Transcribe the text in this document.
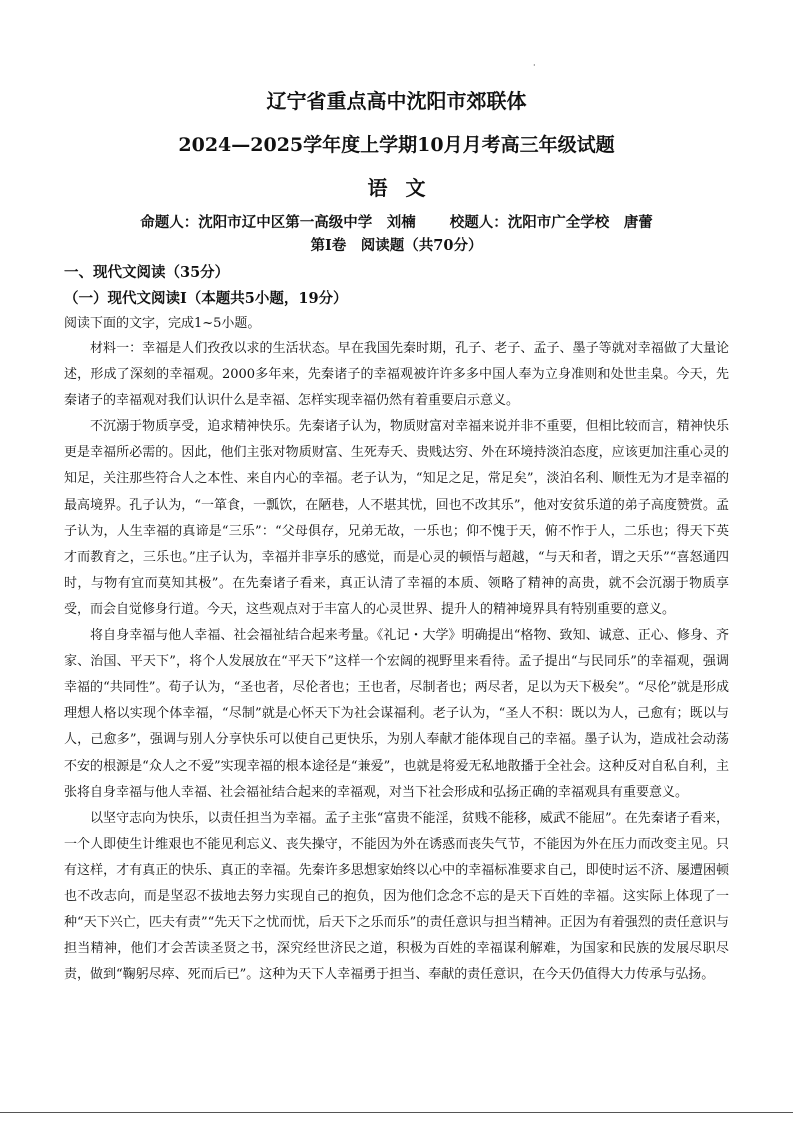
·
辽宁省重点高中沈阳市郊联体
2024—2025学年度上学期10月月考高三年级试题
语文
命题人：沈阳市辽中区第一高级中学　刘楠　　 校题人：沈阳市广全学校　唐蕾
第Ⅰ卷　阅读题（共70分）
一、现代文阅读（35分）
（一）现代文阅读Ⅰ（本题共5小题，19分）
阅读下面的文字，完成1~5小题。

材料一：幸福是人们孜孜以求的生活状态。早在我国先秦时期，孔子、老子、孟子、墨子等就对幸福做了大量论述，形成了深刻的幸福观。2000多年来，先秦诸子的幸福观被许许多多中国人奉为立身准则和处世圭臬。今天，先秦诸子的幸福观对我们认识什么是幸福、怎样实现幸福仍然有着重要启示意义。

不沉溺于物质享受，追求精神快乐。先秦诸子认为，物质财富对幸福来说并非不重要，但相比较而言，精神快乐更是幸福所必需的。因此，他们主张对物质财富、生死寿夭、贵贱达穷、外在环境持淡泊态度，应该更加注重心灵的知足，关注那些符合人之本性、来自内心的幸福。老子认为，“知足之足，常足矣”，淡泊名利、顺性无为才是幸福的最高境界。孔子认为，“一箪食，一瓢饮，在陋巷，人不堪其忧，回也不改其乐”，他对安贫乐道的弟子高度赞赏。孟子认为，人生幸福的真谛是“三乐”：“父母俱存，兄弟无故，一乐也；仰不愧于天，俯不怍于人，二乐也；得天下英才而教育之，三乐也。”庄子认为，幸福并非享乐的感觉，而是心灵的顿悟与超越，“与天和者，谓之天乐”“喜怒通四时，与物有宜而莫知其极”。在先秦诸子看来，真正认清了幸福的本质、领略了精神的高贵，就不会沉溺于物质享受，而会自觉修身行道。今天，这些观点对于丰富人的心灵世界、提升人的精神境界具有特别重要的意义。

将自身幸福与他人幸福、社会福祉结合起来考量。《礼记・大学》明确提出“格物、致知、诚意、正心、修身、齐家、治国、平天下”，将个人发展放在“平天下”这样一个宏阔的视野里来看待。孟子提出“与民同乐”的幸福观，强调幸福的“共同性”。荀子认为，“圣也者，尽伦者也；王也者，尽制者也；两尽者，足以为天下极矣”。“尽伦”就是形成理想人格以实现个体幸福，“尽制”就是心怀天下为社会谋福利。老子认为，“圣人不积：既以为人，己愈有；既以与人，己愈多”，强调与别人分享快乐可以使自己更快乐，为别人奉献才能体现自己的幸福。墨子认为，造成社会动荡不安的根源是“众人之不爱”实现幸福的根本途径是“兼爱”，也就是将爱无私地散播于全社会。这种反对自私自利，主张将自身幸福与他人幸福、社会福祉结合起来的幸福观，对当下社会形成和弘扬正确的幸福观具有重要意义。

以坚守志向为快乐，以责任担当为幸福。孟子主张“富贵不能淫，贫贱不能移，威武不能屈”。在先秦诸子看来，一个人即使生计维艰也不能见利忘义、丧失操守，不能因为外在诱惑而丧失气节，不能因为外在压力而改变主见。只有这样，才有真正的快乐、真正的幸福。先秦许多思想家始终以心中的幸福标准要求自己，即使时运不济、屡遭困顿也不改志向，而是坚忍不拔地去努力实现自己的抱负，因为他们念念不忘的是天下百姓的幸福。这实际上体现了一种“天下兴亡，匹夫有责”“先天下之忧而忧，后天下之乐而乐”的责任意识与担当精神。正因为有着强烈的责任意识与担当精神，他们才会苦读圣贤之书，深究经世济民之道，积极为百姓的幸福谋利解难，为国家和民族的发展尽职尽责，做到“鞠躬尽瘁、死而后已”。这种为天下人幸福勇于担当、奉献的责任意识，在今天仍值得大力传承与弘扬。
